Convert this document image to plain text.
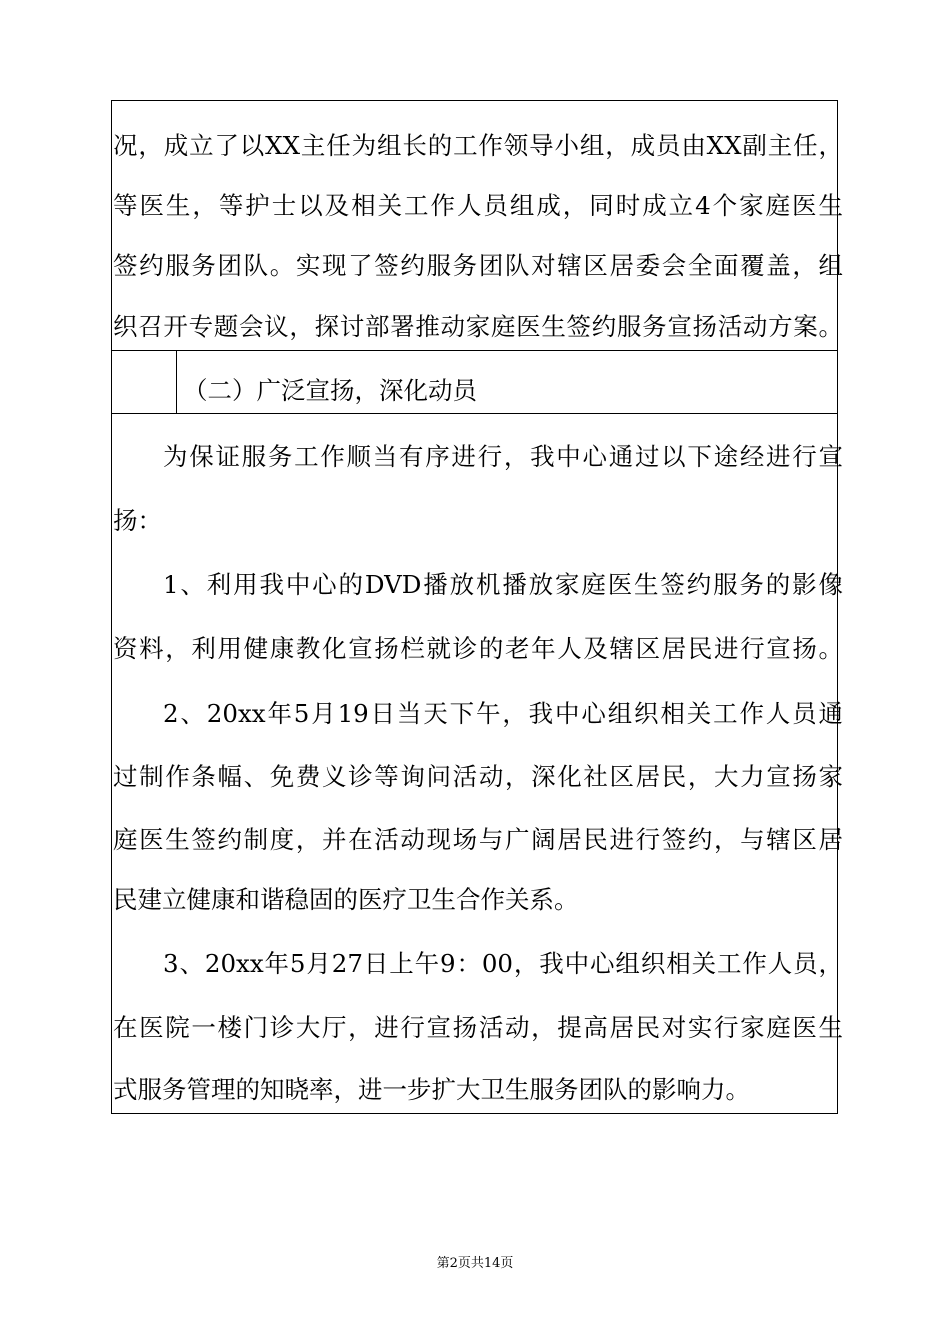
况，成立了以XX主任为组长的工作领导小组，成员由XX副主任，
等医生，等护士以及相关工作人员组成，同时成立4个家庭医生
签约服务团队。实现了签约服务团队对辖区居委会全面覆盖，组
织召开专题会议，探讨部署推动家庭医生签约服务宣扬活动方案。
（二）广泛宣扬，深化动员
为保证服务工作顺当有序进行，我中心通过以下途经进行宣
扬：
1、利用我中心的DVD播放机播放家庭医生签约服务的影像
资料，利用健康教化宣扬栏就诊的老年人及辖区居民进行宣扬。
2、20xx年5月19日当天下午，我中心组织相关工作人员通
过制作条幅、免费义诊等询问活动，深化社区居民，大力宣扬家
庭医生签约制度，并在活动现场与广阔居民进行签约，与辖区居
民建立健康和谐稳固的医疗卫生合作关系。
3、20xx年5月27日上午9：00，我中心组织相关工作人员，
在医院一楼门诊大厅，进行宣扬活动，提高居民对实行家庭医生
式服务管理的知晓率，进一步扩大卫生服务团队的影响力。
第2页共14页
